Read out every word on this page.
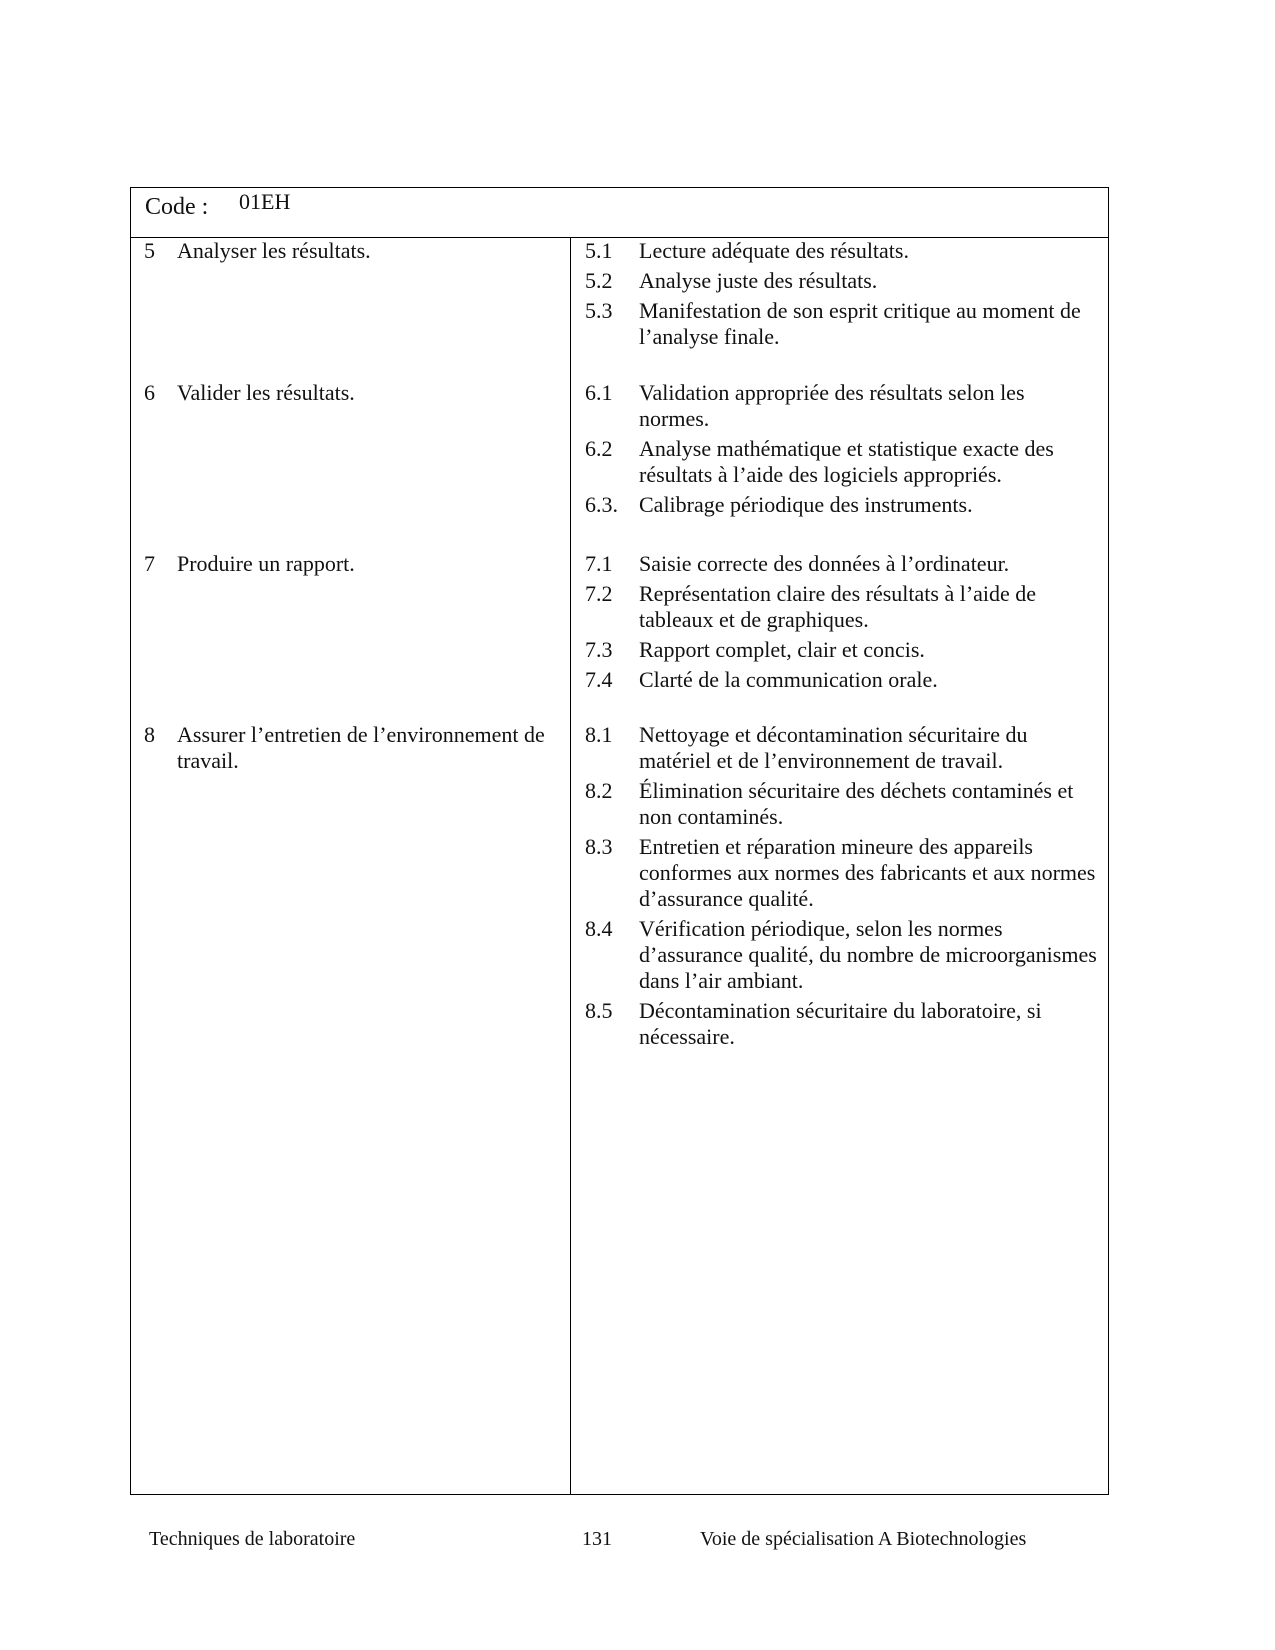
Code : 01EH
5 Analyser les résultats.	5.1 Lecture adéquate des résultats.
5.2 Analyse juste des résultats.
5.3 Manifestation de son esprit critique au moment de l’analyse finale.
6 Valider les résultats.	6.1 Validation appropriée des résultats selon les normes.
6.2 Analyse mathématique et statistique exacte des résultats à l’aide des logiciels appropriés.
6.3. Calibrage périodique des instruments.
7 Produire un rapport.	7.1 Saisie correcte des données à l’ordinateur.
7.2 Représentation claire des résultats à l’aide de tableaux et de graphiques.
7.3 Rapport complet, clair et concis.
7.4 Clarté de la communication orale.
8 Assurer l’entretien de l’environnement de travail.
8.1 Nettoyage et décontamination sécuritaire du matériel et de l’environnement de travail.
8.2 Élimination sécuritaire des déchets contaminés et non contaminés.
8.3 Entretien et réparation mineure des appareils conformes aux normes des fabricants et aux normes d’assurance qualité.
8.4 Vérification périodique, selon les normes d’assurance qualité, du nombre de microorganismes dans l’air ambiant.
8.5 Décontamination sécuritaire du laboratoire, si nécessaire.
Techniques de laboratoire	131	Voie de spécialisation A Biotechnologies
